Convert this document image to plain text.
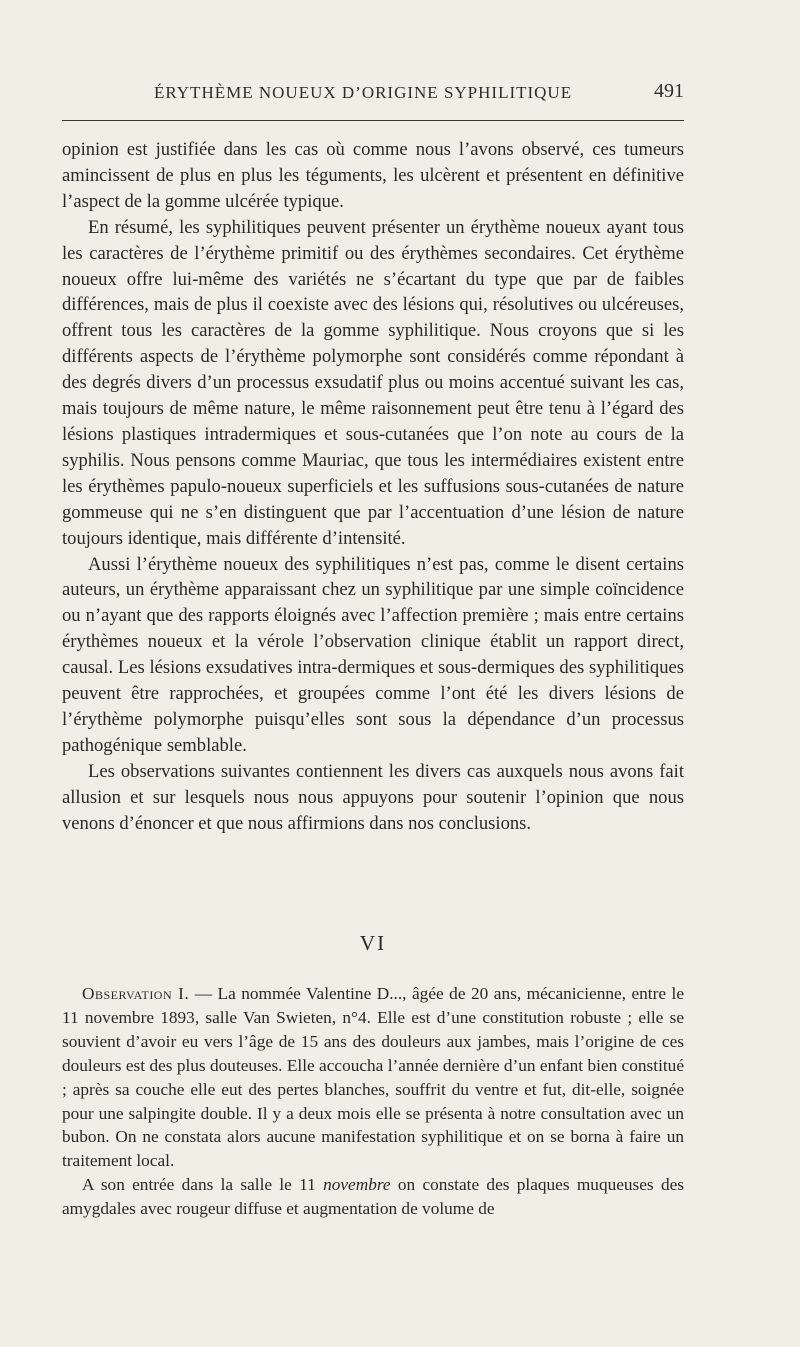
ÉRYTHÈME NOUEUX D’ORIGINE SYPHILITIQUE	491

opinion est justifiée dans les cas où comme nous l’avons observé, ces tumeurs amincissent de plus en plus les téguments, les ulcèrent et présentent en définitive l’aspect de la gomme ulcérée typique.

En résumé, les syphilitiques peuvent présenter un érythème noueux ayant tous les caractères de l’érythème primitif ou des érythèmes secondaires. Cet érythème noueux offre lui-même des variétés ne s’écartant du type que par de faibles différences, mais de plus il coexiste avec des lésions qui, résolutives ou ulcéreuses, offrent tous les caractères de la gomme syphilitique. Nous croyons que si les différents aspects de l’érythème polymorphe sont considérés comme répondant à des degrés divers d’un processus exsudatif plus ou moins accentué suivant les cas, mais toujours de même nature, le même raisonnement peut être tenu à l’égard des lésions plastiques intradermiques et sous-cutanées que l’on note au cours de la syphilis. Nous pensons comme Mauriac, que tous les intermédiaires existent entre les érythèmes papulo-noueux superficiels et les suffusions sous-cutanées de nature gommeuse qui ne s’en distinguent que par l’accentuation d’une lésion de nature toujours identique, mais différente d’intensité.

Aussi l’érythème noueux des syphilitiques n’est pas, comme le disent certains auteurs, un érythème apparaissant chez un syphilitique par une simple coïncidence ou n’ayant que des rapports éloignés avec l’affection première ; mais entre certains érythèmes noueux et la vérole l’observation clinique établit un rapport direct, causal. Les lésions exsudatives intra-dermiques et sous-dermiques des syphilitiques peuvent être rapprochées, et groupées comme l’ont été les divers lésions de l’érythème polymorphe puisqu’elles sont sous la dépendance d’un processus pathogénique semblable.

Les observations suivantes contiennent les divers cas auxquels nous avons fait allusion et sur lesquels nous nous appuyons pour soutenir l’opinion que nous venons d’énoncer et que nous affirmions dans nos conclusions.

VI

Observation I. — La nommée Valentine D..., âgée de 20 ans, mécanicienne, entre le 11 novembre 1893, salle Van Swieten, n°4. Elle est d’une constitution robuste ; elle se souvient d’avoir eu vers l’âge de 15 ans des douleurs aux jambes, mais l’origine de ces douleurs est des plus douteuses. Elle accoucha l’année dernière d’un enfant bien constitué ; après sa couche elle eut des pertes blanches, souffrit du ventre et fut, dit-elle, soignée pour une salpingite double. Il y a deux mois elle se présenta à notre consultation avec un bubon. On ne constata alors aucune manifestation syphilitique et on se borna à faire un traitement local.

A son entrée dans la salle le 11 novembre on constate des plaques muqueuses des amygdales avec rougeur diffuse et augmentation de volume de
